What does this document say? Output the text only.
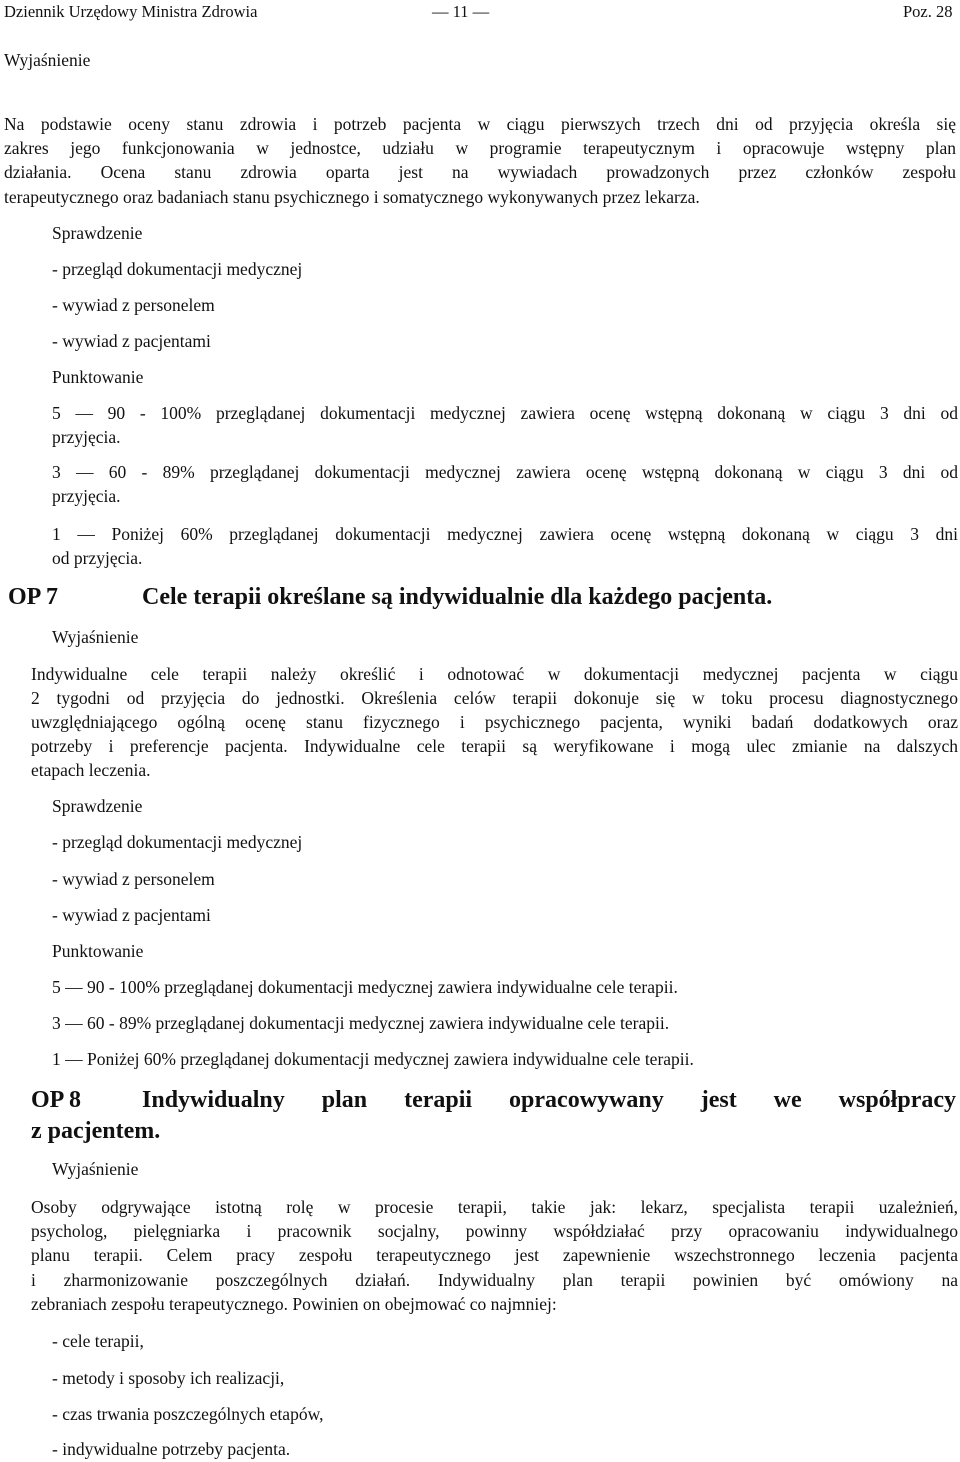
Dziennik Urzędowy Ministra Zdrowia	— 11 —	Poz. 28
Wyjaśnienie
Na podstawie oceny stanu zdrowia i potrzeb pacjenta w ciągu pierwszych trzech dni od przyjęcia określa się
zakres jego funkcjonowania w jednostce, udziału w programie terapeutycznym i opracowuje wstępny plan
działania. Ocena stanu zdrowia oparta jest na wywiadach prowadzonych przez członków zespołu
terapeutycznego oraz badaniach stanu psychicznego i somatycznego wykonywanych przez lekarza.
Sprawdzenie
- przegląd dokumentacji medycznej
- wywiad z personelem
- wywiad z pacjentami
Punktowanie
5 — 90 - 100% przeglądanej dokumentacji medycznej zawiera ocenę wstępną dokonaną w ciągu 3 dni od
przyjęcia.
3 — 60 - 89% przeglądanej dokumentacji medycznej zawiera ocenę wstępną dokonaną w ciągu 3 dni od
przyjęcia.
1 — Poniżej 60% przeglądanej dokumentacji medycznej zawiera ocenę wstępną dokonaną w ciągu 3 dni
od przyjęcia.
OP 7	Cele terapii określane są indywidualnie dla każdego pacjenta.
Wyjaśnienie
Indywidualne cele terapii należy określić i odnotować w dokumentacji medycznej pacjenta w ciągu
2 tygodni od przyjęcia do jednostki. Określenia celów terapii dokonuje się w toku procesu diagnostycznego
uwzględniającego ogólną ocenę stanu fizycznego i psychicznego pacjenta, wyniki badań dodatkowych oraz
potrzeby i preferencje pacjenta. Indywidualne cele terapii są weryfikowane i mogą ulec zmianie na dalszych
etapach leczenia.
Sprawdzenie
- przegląd dokumentacji medycznej
- wywiad z personelem
- wywiad z pacjentami
Punktowanie
5 — 90 - 100% przeglądanej dokumentacji medycznej zawiera indywidualne cele terapii.
3 — 60 - 89% przeglądanej dokumentacji medycznej zawiera indywidualne cele terapii.
1 — Poniżej 60% przeglądanej dokumentacji medycznej zawiera indywidualne cele terapii.
OP 8	Indywidualny plan terapii opracowywany jest we współpracy
z pacjentem.
Wyjaśnienie
Osoby odgrywające istotną rolę w procesie terapii, takie jak: lekarz, specjalista terapii uzależnień,
psycholog, pielęgniarka i pracownik socjalny, powinny współdziałać przy opracowaniu indywidualnego
planu terapii. Celem pracy zespołu terapeutycznego jest zapewnienie wszechstronnego leczenia pacjenta
i zharmonizowanie poszczególnych działań. Indywidualny plan terapii powinien być omówiony na
zebraniach zespołu terapeutycznego. Powinien on obejmować co najmniej:
- cele terapii,
- metody i sposoby ich realizacji,
- czas trwania poszczególnych etapów,
- indywidualne potrzeby pacjenta.
